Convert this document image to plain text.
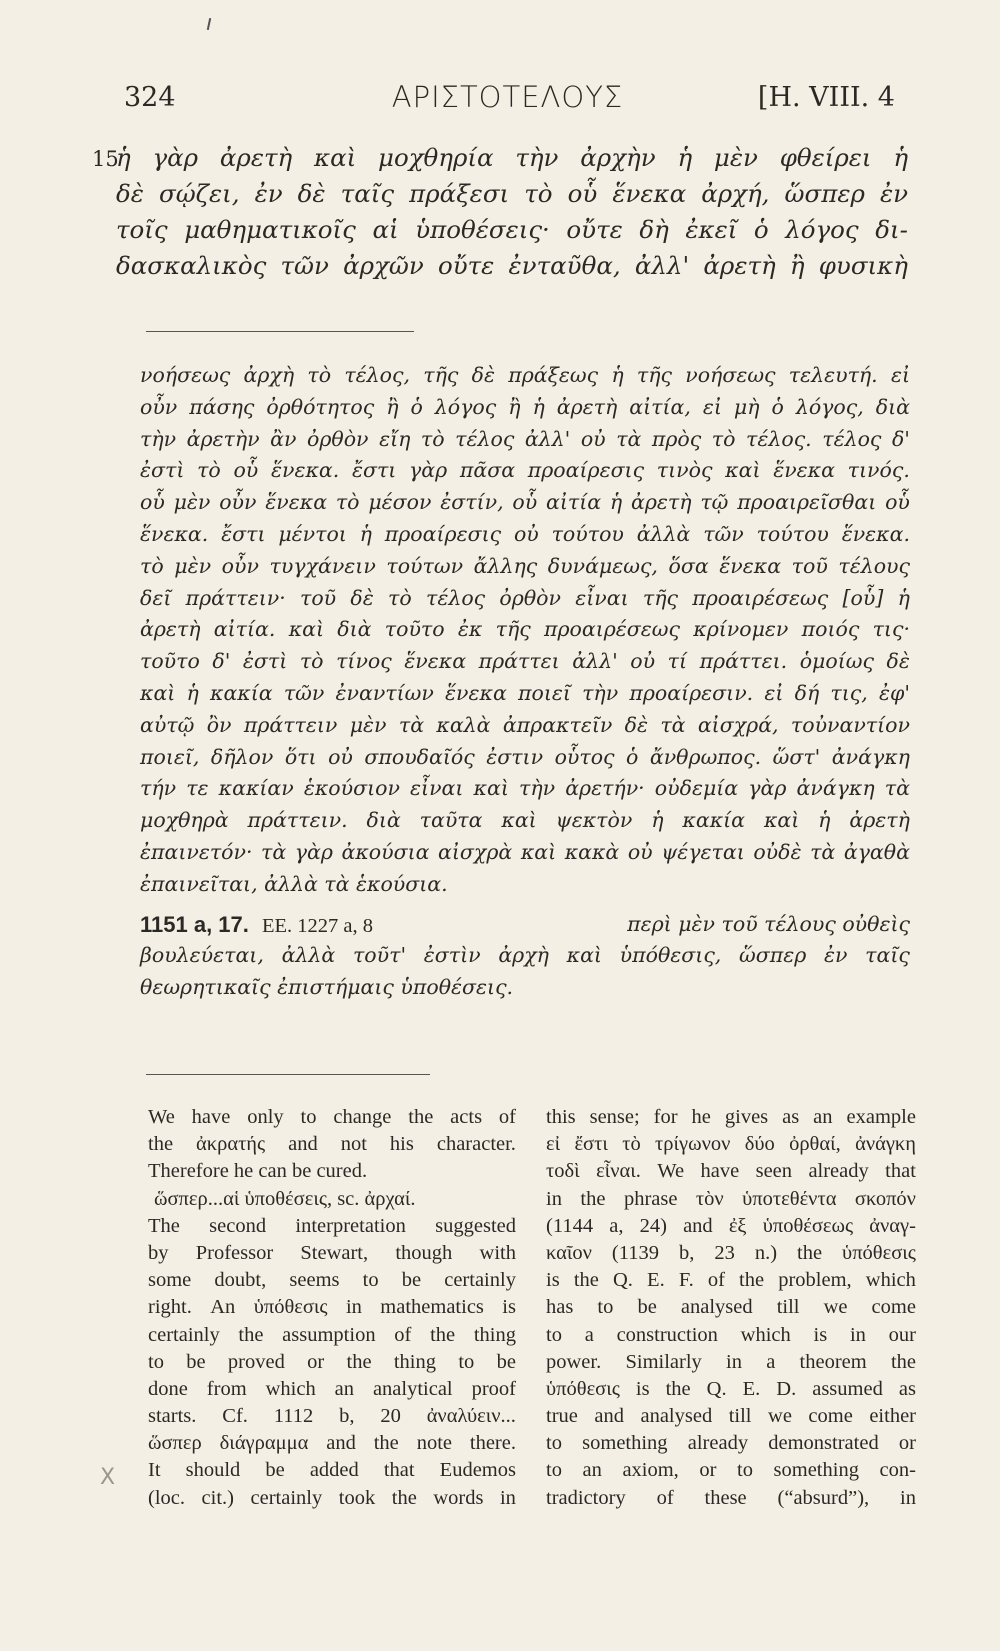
324	ΑΡΙΣΤΟΤΕΛΟΥΣ	[H. VIII. 4
15
ἡ γὰρ ἀρετὴ καὶ μοχθηρία τὴν ἀρχὴν ἡ μὲν φθείρει ἡ
δὲ σῴζει, ἐν δὲ ταῖς πράξεσι τὸ οὗ ἕνεκα ἀρχή, ὥσπερ ἐν
τοῖς μαθηματικοῖς αἱ ὑποθέσεις· οὔτε δὴ ἐκεῖ ὁ λόγος δι-
δασκαλικὸς τῶν ἀρχῶν οὔτε ἐνταῦθα, ἀλλ' ἀρετὴ ἢ φυσικὴ
νοήσεως ἀρχὴ τὸ τέλος, τῆς δὲ πράξεως ἡ τῆς νοήσεως τελευτή. εἰ
οὖν πάσης ὀρθότητος ἢ ὁ λόγος ἢ ἡ ἀρετὴ αἰτία, εἰ μὴ ὁ λόγος, διὰ
τὴν ἀρετὴν ἂν ὀρθὸν εἴη τὸ τέλος ἀλλ' οὐ τὰ πρὸς τὸ τέλος. τέλος δ'
ἐστὶ τὸ οὗ ἕνεκα. ἔστι γὰρ πᾶσα προαίρεσις τινὸς καὶ ἕνεκα τινός.
οὗ μὲν οὖν ἕνεκα τὸ μέσον ἐστίν, οὗ αἰτία ἡ ἀρετὴ τῷ προαιρεῖσθαι οὗ
ἕνεκα. ἔστι μέντοι ἡ προαίρεσις οὐ τούτου ἀλλὰ τῶν τούτου ἕνεκα.
τὸ μὲν οὖν τυγχάνειν τούτων ἄλλης δυνάμεως, ὅσα ἕνεκα τοῦ τέλους
δεῖ πράττειν· τοῦ δὲ τὸ τέλος ὀρθὸν εἶναι τῆς προαιρέσεως [οὗ] ἡ
ἀρετὴ αἰτία. καὶ διὰ τοῦτο ἐκ τῆς προαιρέσεως κρίνομεν ποιός τις·
τοῦτο δ' ἐστὶ τὸ τίνος ἕνεκα πράττει ἀλλ' οὐ τί πράττει. ὁμοίως δὲ
καὶ ἡ κακία τῶν ἐναντίων ἕνεκα ποιεῖ τὴν προαίρεσιν. εἰ δή τις, ἐφ'
αὐτῷ ὂν πράττειν μὲν τὰ καλὰ ἀπρακτεῖν δὲ τὰ αἰσχρά, τοὐναντίον
ποιεῖ, δῆλον ὅτι οὐ σπουδαῖός ἐστιν οὗτος ὁ ἄνθρωπος. ὥστ' ἀνάγκη
τήν τε κακίαν ἑκούσιον εἶναι καὶ τὴν ἀρετήν· οὐδεμία γὰρ ἀνάγκη τὰ
μοχθηρὰ πράττειν. διὰ ταῦτα καὶ ψεκτὸν ἡ κακία καὶ ἡ ἀρετὴ
ἐπαινετόν· τὰ γὰρ ἀκούσια αἰσχρὰ καὶ κακὰ οὐ ψέγεται οὐδὲ τὰ ἀγαθὰ
ἐπαινεῖται, ἀλλὰ τὰ ἑκούσια.
1151 a, 17. EE. 1227 a, 8	περὶ μὲν τοῦ τέλους οὐθεὶς
βουλεύεται, ἀλλὰ τοῦτ' ἐστὶν ἀρχὴ καὶ ὑπόθεσις, ὥσπερ ἐν ταῖς
θεωρητικαῖς ἐπιστήμαις ὑποθέσεις.
We have only to change the acts of
the ἀκρατής and not his character.
Therefore he can be cured.
ὥσπερ...αἱ ὑποθέσεις, sc. ἀρχαί.
The second interpretation suggested
by Professor Stewart, though with
some doubt, seems to be certainly
right. An ὑπόθεσις in mathematics is
certainly the assumption of the thing
to be proved or the thing to be
done from which an analytical proof
starts. Cf. 1112 b, 20 ἀναλύειν...
ὥσπερ διάγραμμα and the note there.
It should be added that Eudemos
(loc. cit.) certainly took the words in
this sense; for he gives as an example
εἰ ἔστι τὸ τρίγωνον δύο ὀρθαί, ἀνάγκη
τοδὶ εἶναι. We have seen already that
in the phrase τὸν ὑποτεθέντα σκοπόν
(1144 a, 24) and ἐξ ὑποθέσεως ἀναγ-
καῖον (1139 b, 23 n.) the ὑπόθεσις
is the Q. E. F. of the problem, which
has to be analysed till we come
to a construction which is in our
power. Similarly in a theorem the
ὑπόθεσις is the Q. E. D. assumed as
true and analysed till we come either
to something already demonstrated or
to an axiom, or to something con-
tradictory of these (“absurd”), in
X
